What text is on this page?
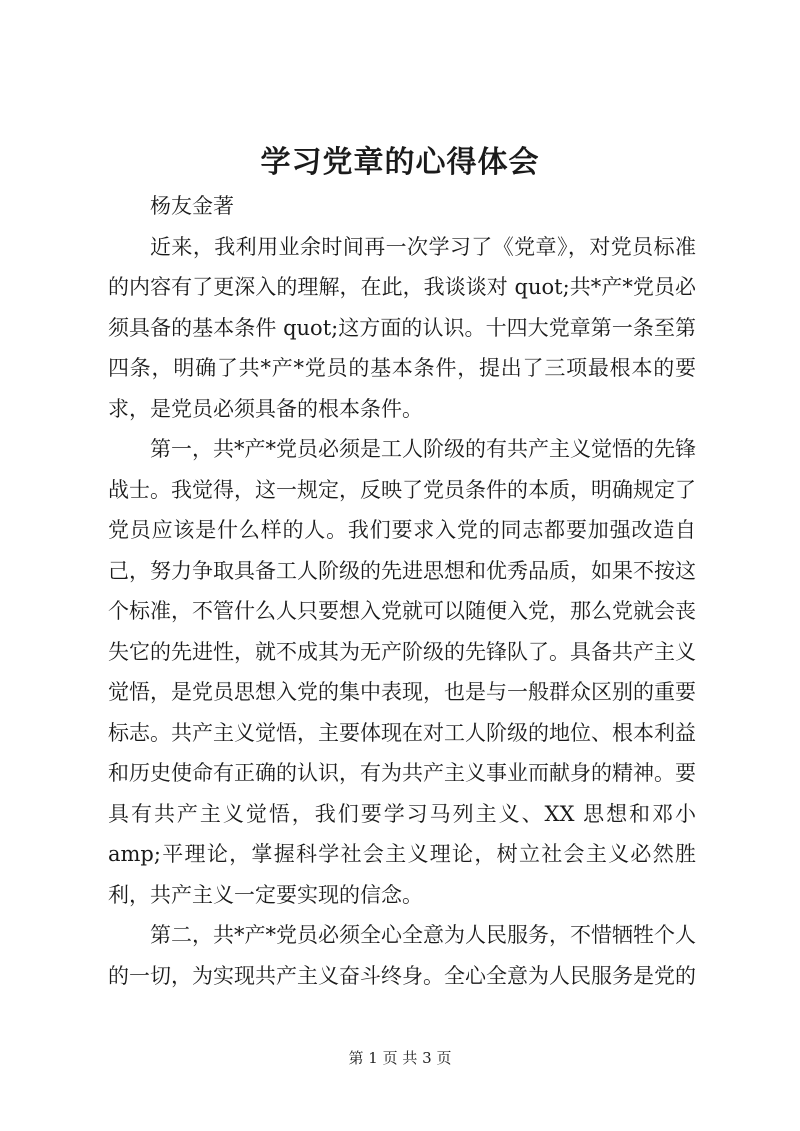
学习党章的心得体会

杨友金著

近来，我利用业余时间再一次学习了《党章》，对党员标准的内容有了更深入的理解，在此，我谈谈对 quot;共*产*党员必须具备的基本条件 quot;这方面的认识。十四大党章第一条至第四条，明确了共*产*党员的基本条件，提出了三项最根本的要求，是党员必须具备的根本条件。

第一，共*产*党员必须是工人阶级的有共产主义觉悟的先锋战士。我觉得，这一规定，反映了党员条件的本质，明确规定了党员应该是什么样的人。我们要求入党的同志都要加强改造自己，努力争取具备工人阶级的先进思想和优秀品质，如果不按这个标准，不管什么人只要想入党就可以随便入党，那么党就会丧失它的先进性，就不成其为无产阶级的先锋队了。具备共产主义觉悟，是党员思想入党的集中表现，也是与一般群众区别的重要标志。共产主义觉悟，主要体现在对工人阶级的地位、根本利益和历史使命有正确的认识，有为共产主义事业而献身的精神。要具有共产主义觉悟，我们要学习马列主义、XX 思想和邓小 amp;平理论，掌握科学社会主义理论，树立社会主义必然胜利，共产主义一定要实现的信念。

第二，共*产*党员必须全心全意为人民服务，不惜牺牲个人的一切，为实现共产主义奋斗终身。全心全意为人民服务是党的

第 1 页 共 3 页
